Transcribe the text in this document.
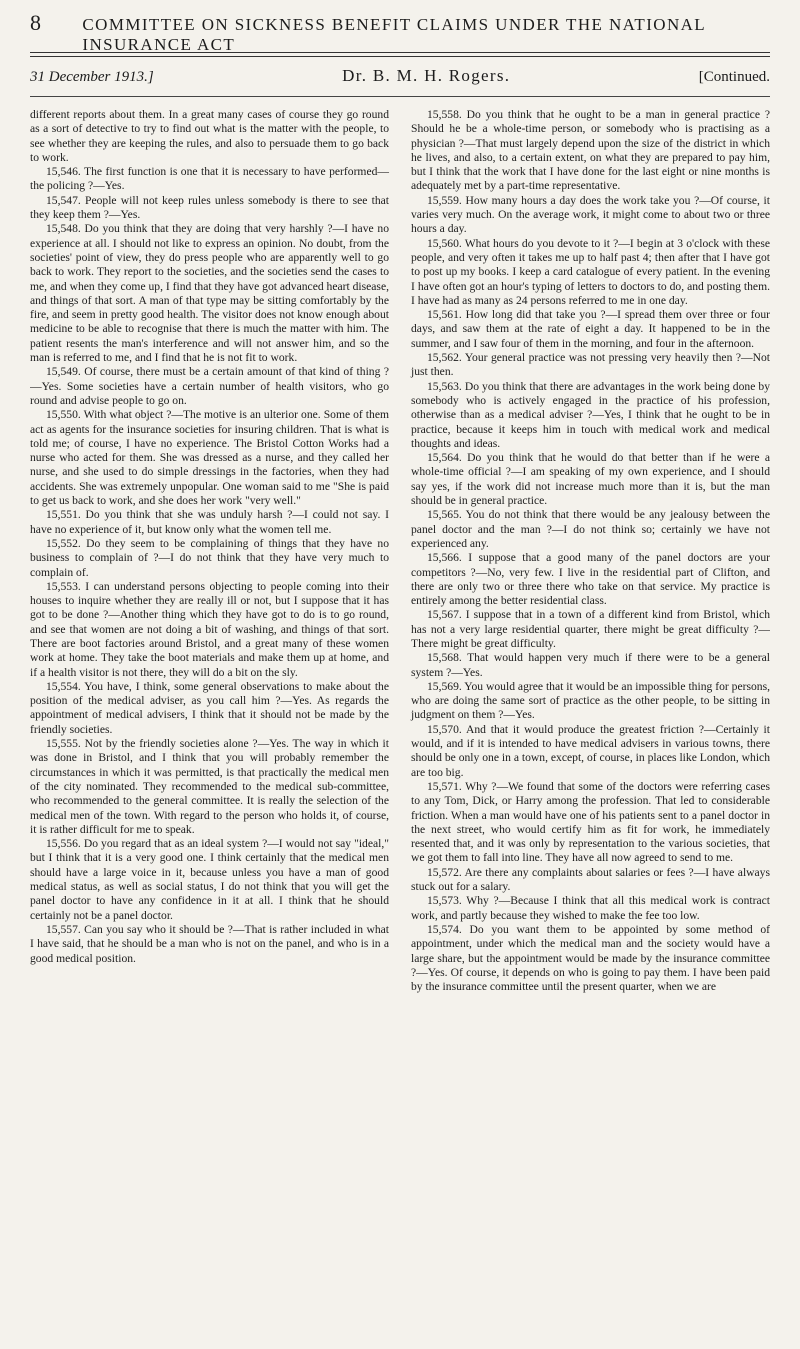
8 COMMITTEE ON SICKNESS BENEFIT CLAIMS UNDER THE NATIONAL INSURANCE ACT
31 December 1913.]	Dr. B. M. H. Rogers.	[Continued.

different reports about them. In a great many cases of course they go round as a sort of detective to try to find out what is the matter with the people, to see whether they are keeping the rules, and also to persuade them to go back to work.

15,546. The first function is one that it is necessary to have performed—the policing ?—Yes.

15,547. People will not keep rules unless somebody is there to see that they keep them ?—Yes.

15,548. Do you think that they are doing that very harshly ?—I have no experience at all. I should not like to express an opinion. No doubt, from the societies' point of view, they do press people who are apparently well to go back to work. They report to the societies, and the societies send the cases to me, and when they come up, I find that they have got advanced heart disease, and things of that sort. A man of that type may be sitting comfortably by the fire, and seem in pretty good health. The visitor does not know enough about medicine to be able to recognise that there is much the matter with him. The patient resents the man's interference and will not answer him, and so the man is referred to me, and I find that he is not fit to work.

15,549. Of course, there must be a certain amount of that kind of thing ?—Yes. Some societies have a certain number of health visitors, who go round and advise people to go on.

15,550. With what object ?—The motive is an ulterior one. Some of them act as agents for the insurance societies for insuring children. That is what is told me; of course, I have no experience. The Bristol Cotton Works had a nurse who acted for them. She was dressed as a nurse, and they called her nurse, and she used to do simple dressings in the factories, when they had accidents. She was extremely unpopular. One woman said to me "She is paid to get us back to work, and she does her work "very well."

15,551. Do you think that she was unduly harsh ?—I could not say. I have no experience of it, but know only what the women tell me.

15,552. Do they seem to be complaining of things that they have no business to complain of ?—I do not think that they have very much to complain of.

15,553. I can understand persons objecting to people coming into their houses to inquire whether they are really ill or not, but I suppose that it has got to be done ?—Another thing which they have got to do is to go round, and see that women are not doing a bit of washing, and things of that sort. There are boot factories around Bristol, and a great many of these women work at home. They take the boot materials and make them up at home, and if a health visitor is not there, they will do a bit on the sly.

15,554. You have, I think, some general observations to make about the position of the medical adviser, as you call him ?—Yes. As regards the appointment of medical advisers, I think that it should not be made by the friendly societies.

15,555. Not by the friendly societies alone ?—Yes. The way in which it was done in Bristol, and I think that you will probably remember the circumstances in which it was permitted, is that practically the medical men of the city nominated. They recommended to the medical sub-committee, who recommended to the general committee. It is really the selection of the medical men of the town. With regard to the person who holds it, of course, it is rather difficult for me to speak.

15,556. Do you regard that as an ideal system ?—I would not say "ideal," but I think that it is a very good one. I think certainly that the medical men should have a large voice in it, because unless you have a man of good medical status, as well as social status, I do not think that you will get the panel doctor to have any confidence in it at all. I think that he should certainly not be a panel doctor.

15,557. Can you say who it should be ?—That is rather included in what I have said, that he should be a man who is not on the panel, and who is in a good medical position.

15,558. Do you think that he ought to be a man in general practice ? Should he be a whole-time person, or somebody who is practising as a physician ?—That must largely depend upon the size of the district in which he lives, and also, to a certain extent, on what they are prepared to pay him, but I think that the work that I have done for the last eight or nine months is adequately met by a part-time representative.

15,559. How many hours a day does the work take you ?—Of course, it varies very much. On the average work, it might come to about two or three hours a day.

15,560. What hours do you devote to it ?—I begin at 3 o'clock with these people, and very often it takes me up to half past 4; then after that I have got to post up my books. I keep a card catalogue of every patient. In the evening I have often got an hour's typing of letters to doctors to do, and posting them. I have had as many as 24 persons referred to me in one day.

15,561. How long did that take you ?—I spread them over three or four days, and saw them at the rate of eight a day. It happened to be in the summer, and I saw four of them in the morning, and four in the afternoon.

15,562. Your general practice was not pressing very heavily then ?—Not just then.

15,563. Do you think that there are advantages in the work being done by somebody who is actively engaged in the practice of his profession, otherwise than as a medical adviser ?—Yes, I think that he ought to be in practice, because it keeps him in touch with medical work and medical thoughts and ideas.

15,564. Do you think that he would do that better than if he were a whole-time official ?—I am speaking of my own experience, and I should say yes, if the work did not increase much more than it is, but the man should be in general practice.

15,565. You do not think that there would be any jealousy between the panel doctor and the man ?—I do not think so; certainly we have not experienced any.

15,566. I suppose that a good many of the panel doctors are your competitors ?—No, very few. I live in the residential part of Clifton, and there are only two or three there who take on that service. My practice is entirely among the better residential class.

15,567. I suppose that in a town of a different kind from Bristol, which has not a very large residential quarter, there might be great difficulty ?—There might be great difficulty.

15,568. That would happen very much if there were to be a general system ?—Yes.

15,569. You would agree that it would be an impossible thing for persons, who are doing the same sort of practice as the other people, to be sitting in judgment on them ?—Yes.

15,570. And that it would produce the greatest friction ?—Certainly it would, and if it is intended to have medical advisers in various towns, there should be only one in a town, except, of course, in places like London, which are too big.

15,571. Why ?—We found that some of the doctors were referring cases to any Tom, Dick, or Harry among the profession. That led to considerable friction. When a man would have one of his patients sent to a panel doctor in the next street, who would certify him as fit for work, he immediately resented that, and it was only by representation to the various societies, that we got them to fall into line. They have all now agreed to send to me.

15,572. Are there any complaints about salaries or fees ?—I have always stuck out for a salary.

15,573. Why ?—Because I think that all this medical work is contract work, and partly because they wished to make the fee too low.

15,574. Do you want them to be appointed by some method of appointment, under which the medical man and the society would have a large share, but the appointment would be made by the insurance committee ?—Yes. Of course, it depends on who is going to pay them. I have been paid by the insurance committee until the present quarter, when we are
